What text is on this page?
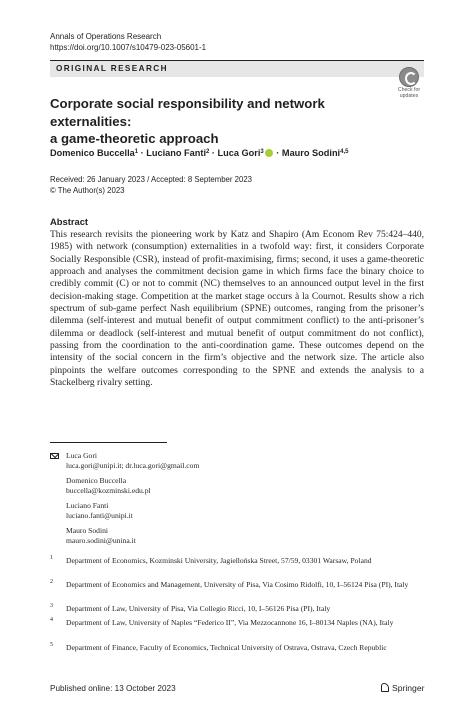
Annals of Operations Research
https://doi.org/10.1007/s10479-023-05601-1
ORIGINAL RESEARCH
Check for
updates
Corporate social responsibility and network externalities:
a game-theoretic approach
Domenico Buccella$^1$ · Luciano Fanti$^2$ · Luca Gori$^3$ · Mauro Sodini$^{4,5}$
Received: 26 January 2023 / Accepted: 8 September 2023
© The Author(s) 2023
Abstract
This research revisits the pioneering work by Katz and Shapiro (Am Econom Rev 75:424–440, 1985) with network (consumption) externalities in a twofold way: first, it considers Corporate Socially Responsible (CSR), instead of profit-maximising, firms; second, it uses a game-theoretic approach and analyses the commitment decision game in which firms face the binary choice to credibly commit (C) or not to commit (NC) themselves to an announced output level in the first decision-making stage. Competition at the market stage occurs à la Cournot. Results show a rich spectrum of sub-game perfect Nash equilibrium (SPNE) outcomes, ranging from the prisoner’s dilemma (self-interest and mutual benefit of output commitment conflict) to the anti-prisoner’s dilemma or deadlock (self-interest and mutual benefit of output commitment do not conflict), passing from the coordination to the anti-coordination game. These outcomes depend on the intensity of the social concern in the firm’s objective and the network size. The article also pinpoints the welfare outcomes corresponding to the SPNE and extends the analysis to a Stackelberg rivalry setting.
Luca Gori
luca.gori@unipi.it; dr.luca.gori@gmail.com
Domenico Buccella
buccella@kozminski.edu.pl
Luciano Fanti
luciano.fanti@unipi.it
Mauro Sodini
mauro.sodini@unina.it
1 Department of Economics, Kozminski University, Jagiellońska Street, 57/59, 03301 Warsaw, Poland
2 Department of Economics and Management, University of Pisa, Via Cosimo Ridolfi, 10, I–56124 Pisa (PI), Italy
3 Department of Law, University of Pisa, Via Collegio Ricci, 10, I–56126 Pisa (PI), Italy
4 Department of Law, University of Naples “Federico II”, Via Mezzocannone 16, I–80134 Naples (NA), Italy
5 Department of Finance, Faculty of Economics, Technical University of Ostrava, Ostrava, Czech Republic
Published online: 13 October 2023	Springer
